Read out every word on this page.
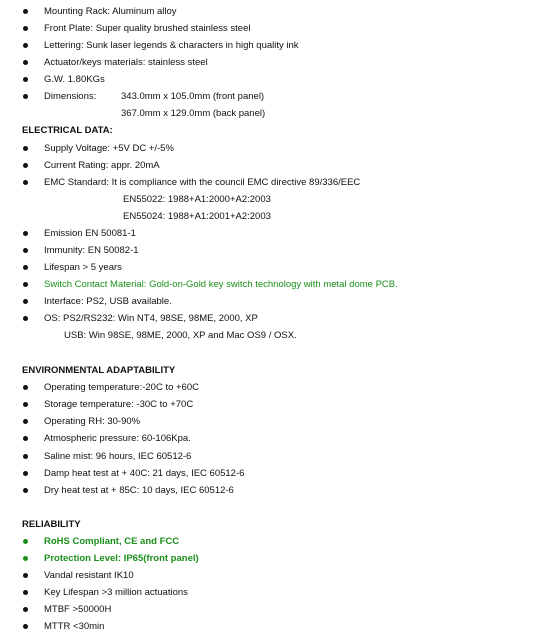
Mounting Rack: Aluminum alloy
Front Plate: Super quality brushed stainless steel
Lettering: Sunk laser legends & characters in high quality ink
Actuator/keys materials: stainless steel
G.W. 1.80KGs
Dimensions:	343.0mm x 105.0mm (front panel)
367.0mm x 129.0mm (back panel)
ELECTRICAL DATA:
Supply Voltage: +5V DC +/-5%
Current Rating: appr. 20mA
EMC Standard: It is compliance with the council EMC directive 89/336/EEC
EN55022: 1988+A1:2000+A2:2003
EN55024: 1988+A1:2001+A2:2003
Emission EN 50081-1
Immunity: EN 50082-1
Lifespan > 5 years
Switch Contact Material: Gold-on-Gold key switch technology with metal dome PCB.
Interface: PS2, USB available.
OS: PS2/RS232: Win NT4, 98SE, 98ME, 2000, XP
USB: Win 98SE, 98ME, 2000, XP and Mac OS9 / OSX.
ENVIRONMENTAL ADAPTABILITY
Operating temperature:-20C to +60C
Storage temperature: -30C to +70C
Operating RH: 30-90%
Atmospheric pressure: 60-106Kpa.
Saline mist: 96 hours, IEC 60512-6
Damp heat test at + 40C: 21 days, IEC 60512-6
Dry heat test at + 85C: 10 days, IEC 60512-6
RELIABILITY
RoHS Compliant, CE and FCC
Protection Level: IP65(front panel)
Vandal resistant IK10
Key Lifespan >3 million actuations
MTBF >50000H
MTTR <30min
